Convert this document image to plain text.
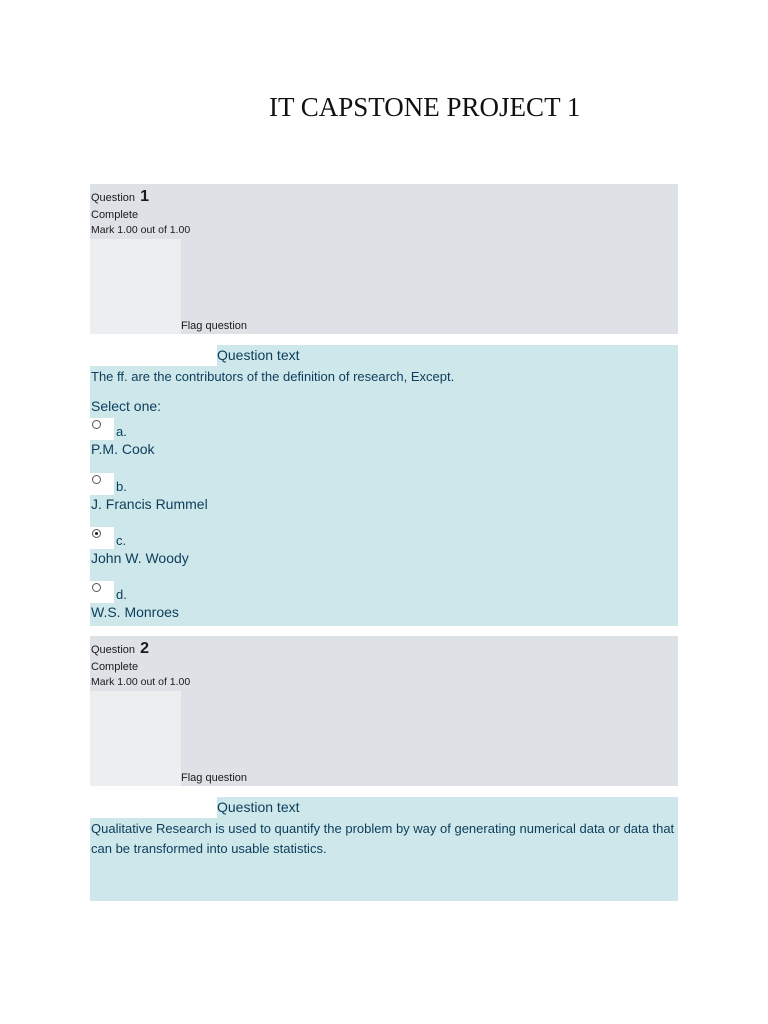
IT CAPSTONE PROJECT 1
Question 1
Complete
Mark 1.00 out of 1.00
Flag question
Question text
The ff. are the contributors of the definition of research, Except.
Select one:
a.
P.M. Cook
b.
J. Francis Rummel
c.
John W. Woody
d.
W.S. Monroes
Question 2
Complete
Mark 1.00 out of 1.00
Flag question
Question text
Qualitative Research is used to quantify the problem by way of generating numerical data or data that can be transformed into usable statistics.
